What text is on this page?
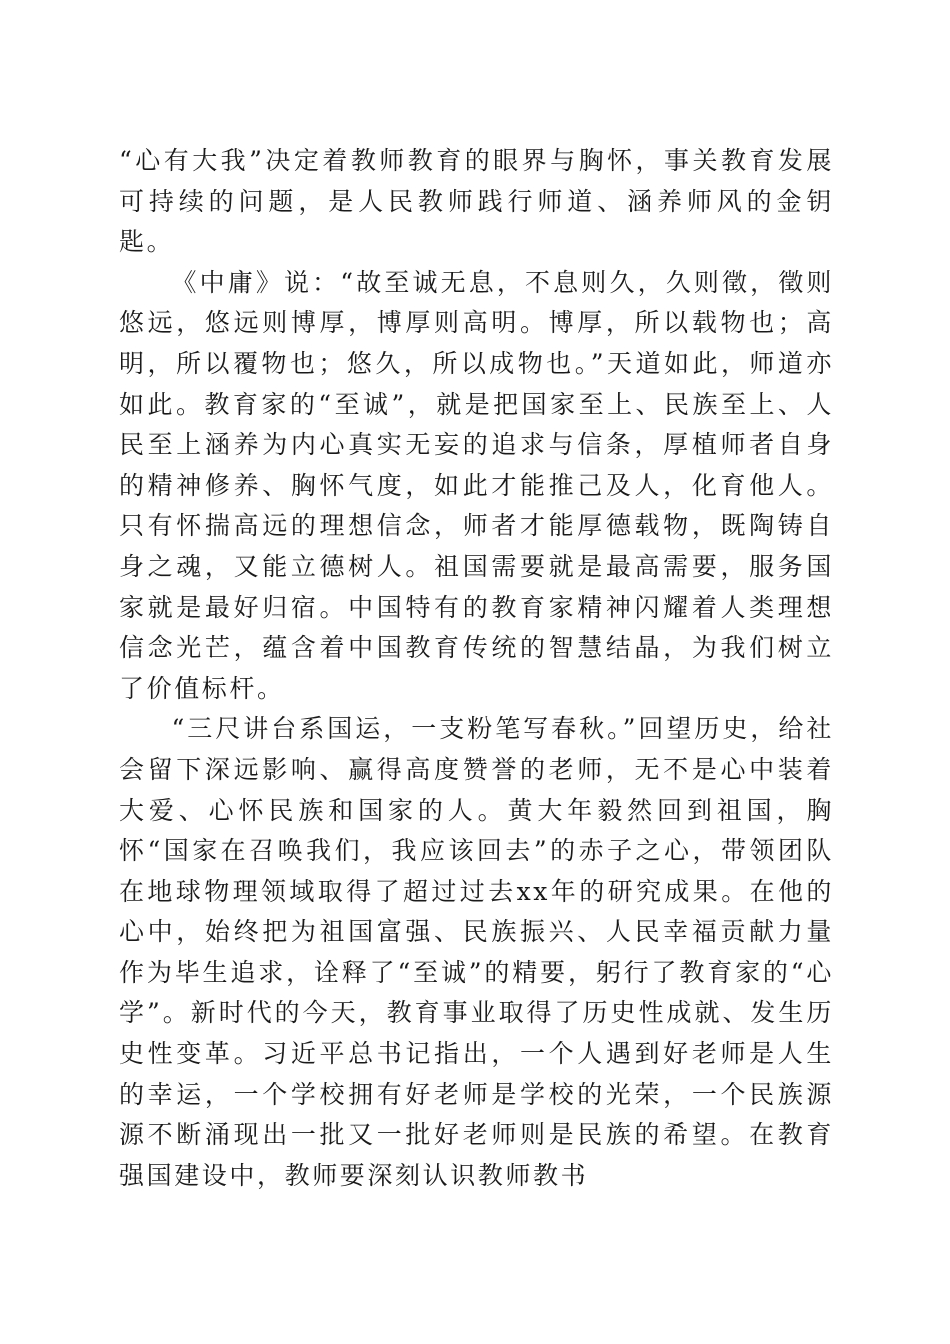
“心有大我”决定着教师教育的眼界与胸怀，事关教育发展可持续的问题，是人民教师践行师道、涵养师风的金钥匙。

《中庸》说：“故至诚无息，不息则久，久则徵，徵则悠远，悠远则博厚，博厚则高明。博厚，所以载物也；高明，所以覆物也；悠久，所以成物也。”天道如此，师道亦如此。教育家的“至诚”，就是把国家至上、民族至上、人民至上涵养为内心真实无妄的追求与信条，厚植师者自身的精神修养、胸怀气度，如此才能推己及人，化育他人。只有怀揣高远的理想信念，师者才能厚德载物，既陶铸自身之魂，又能立德树人。祖国需要就是最高需要，服务国家就是最好归宿。中国特有的教育家精神闪耀着人类理想信念光芒，蕴含着中国教育传统的智慧结晶，为我们树立了价值标杆。

“三尺讲台系国运，一支粉笔写春秋。”回望历史，给社会留下深远影响、赢得高度赞誉的老师，无不是心中装着大爱、心怀民族和国家的人。黄大年毅然回到祖国，胸怀“国家在召唤我们，我应该回去”的赤子之心，带领团队在地球物理领域取得了超过过去xx年的研究成果。在他的心中，始终把为祖国富强、民族振兴、人民幸福贡献力量作为毕生追求，诠释了“至诚”的精要，躬行了教育家的“心学”。新时代的今天，教育事业取得了历史性成就、发生历史性变革。习近平总书记指出，一个人遇到好老师是人生的幸运，一个学校拥有好老师是学校的光荣，一个民族源源不断涌现出一批又一批好老师则是民族的希望。在教育强国建设中，教师要深刻认识教师教书
